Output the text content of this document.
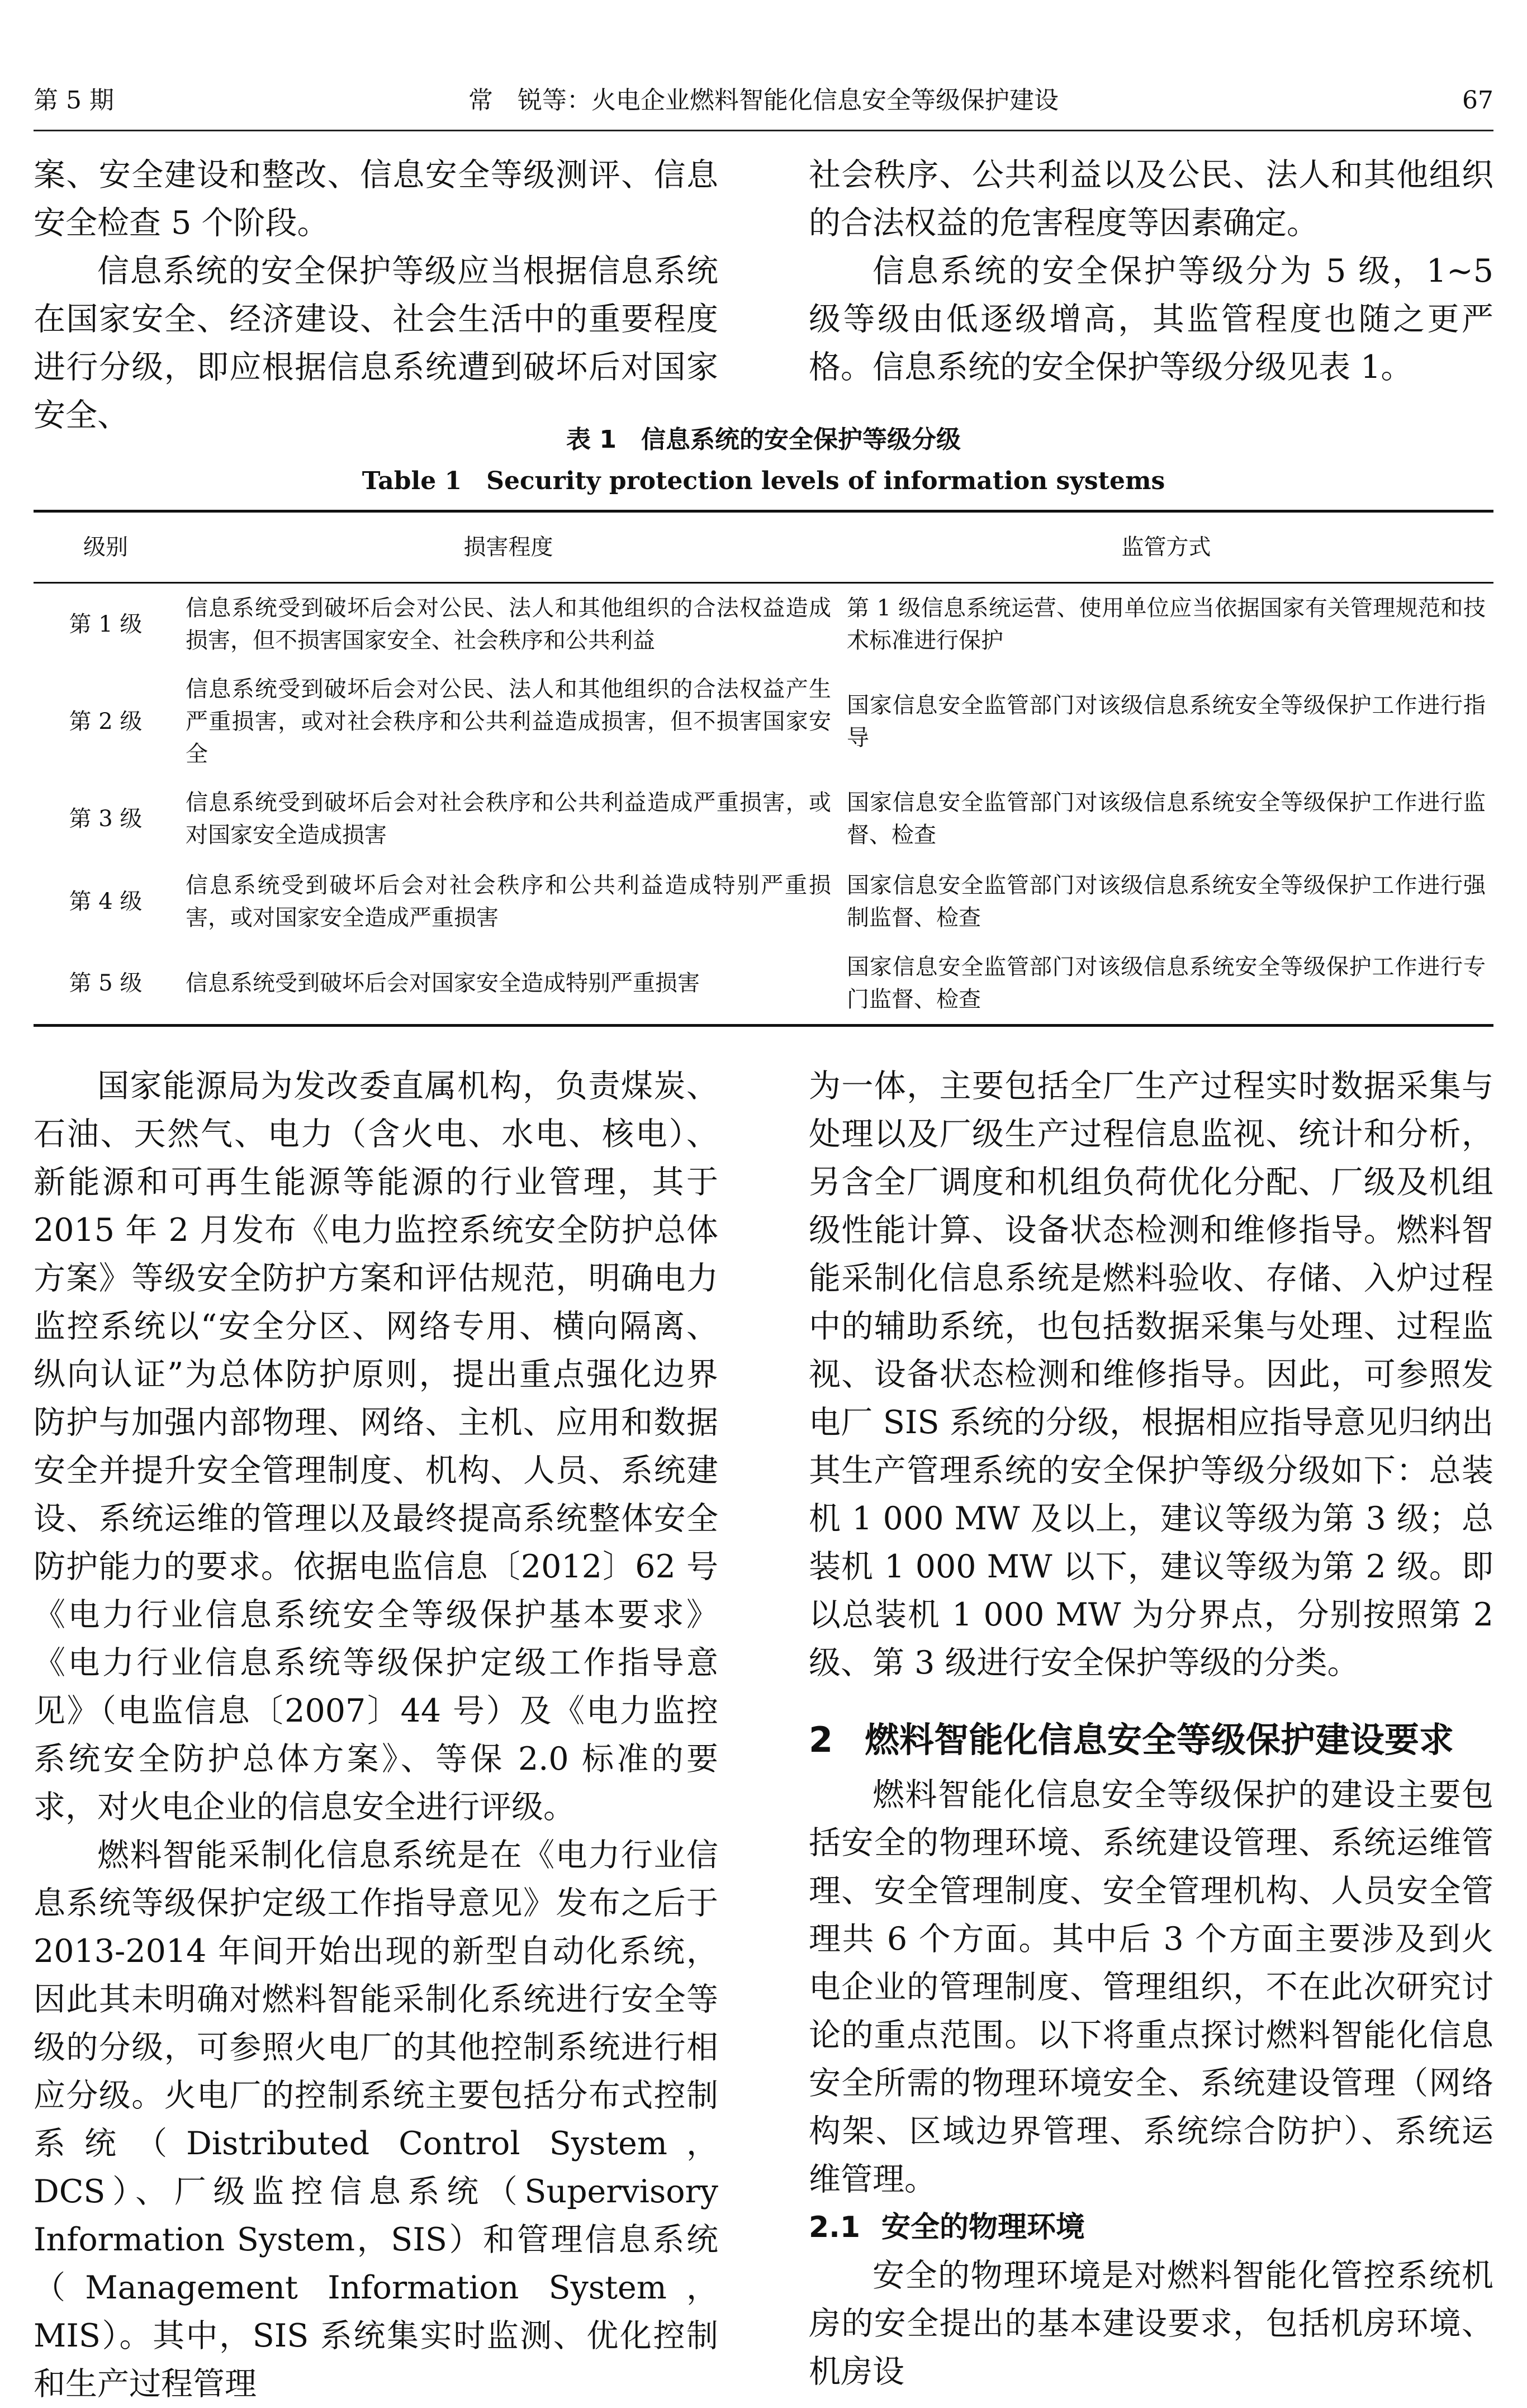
第 5 期	常　锐等：火电企业燃料智能化信息安全等级保护建设	67

案、安全建设和整改、信息安全等级测评、信息安全检查 5 个阶段。

信息系统的安全保护等级应当根据信息系统在国家安全、经济建设、社会生活中的重要程度进行分级，即应根据信息系统遭到破坏后对国家安全、

社会秩序、公共利益以及公民、法人和其他组织的合法权益的危害程度等因素确定。

信息系统的安全保护等级分为 5 级，1~5 级等级由低逐级增高，其监管程度也随之更严格。信息系统的安全保护等级分级见表 1。

表 1　信息系统的安全保护等级分级
Table 1　Security protection levels of information systems
级别	损害程度	监管方式
第 1 级	信息系统受到破坏后会对公民、法人和其他组织的合法权益造成损害，但不损害国家安全、社会秩序和公共利益	第 1 级信息系统运营、使用单位应当依据国家有关管理规范和技术标准进行保护
第 2 级	信息系统受到破坏后会对公民、法人和其他组织的合法权益产生严重损害，或对社会秩序和公共利益造成损害，但不损害国家安全	国家信息安全监管部门对该级信息系统安全等级保护工作进行指导
第 3 级	信息系统受到破坏后会对社会秩序和公共利益造成严重损害，或对国家安全造成损害	国家信息安全监管部门对该级信息系统安全等级保护工作进行监督、检查
第 4 级	信息系统受到破坏后会对社会秩序和公共利益造成特别严重损害，或对国家安全造成严重损害	国家信息安全监管部门对该级信息系统安全等级保护工作进行强制监督、检查
第 5 级	信息系统受到破坏后会对国家安全造成特别严重损害	国家信息安全监管部门对该级信息系统安全等级保护工作进行专门监督、检查

国家能源局为发改委直属机构，负责煤炭、石油、天然气、电力（含火电、水电、核电）、新能源和可再生能源等能源的行业管理，其于 2015 年 2 月发布《电力监控系统安全防护总体方案》等级安全防护方案和评估规范，明确电力监控系统以“安全分区、网络专用、横向隔离、纵向认证”为总体防护原则，提出重点强化边界防护与加强内部物理、网络、主机、应用和数据安全并提升安全管理制度、机构、人员、系统建设、系统运维的管理以及最终提高系统整体安全防护能力的要求。依据电监信息〔2012〕62 号《电力行业信息系统安全等级保护基本要求》《电力行业信息系统等级保护定级工作指导意见》（电监信息〔2007〕44 号）及《电力监控系统安全防护总体方案》、等保 2.0 标准的要求，对火电企业的信息安全进行评级。

燃料智能采制化信息系统是在《电力行业信息系统等级保护定级工作指导意见》发布之后于 2013-2014 年间开始出现的新型自动化系统，因此其未明确对燃料智能采制化系统进行安全等级的分级，可参照火电厂的其他控制系统进行相应分级。火电厂的控制系统主要包括分布式控制系统（Distributed Control System，DCS）、厂级监控信息系统（Supervisory Information System，SIS）和管理信息系统（Management Information System，MIS）。其中，SIS 系统集实时监测、优化控制和生产过程管理

为一体，主要包括全厂生产过程实时数据采集与处理以及厂级生产过程信息监视、统计和分析，另含全厂调度和机组负荷优化分配、厂级及机组级性能计算、设备状态检测和维修指导。燃料智能采制化信息系统是燃料验收、存储、入炉过程中的辅助系统，也包括数据采集与处理、过程监视、设备状态检测和维修指导。因此，可参照发电厂 SIS 系统的分级，根据相应指导意见归纳出其生产管理系统的安全保护等级分级如下：总装机 1 000 MW 及以上，建议等级为第 3 级；总装机 1 000 MW 以下，建议等级为第 2 级。即以总装机 1 000 MW 为分界点，分别按照第 2 级、第 3 级进行安全保护等级的分类。

2 燃料智能化信息安全等级保护建设要求

燃料智能化信息安全等级保护的建设主要包括安全的物理环境、系统建设管理、系统运维管理、安全管理制度、安全管理机构、人员安全管理共 6 个方面。其中后 3 个方面主要涉及到火电企业的管理制度、管理组织，不在此次研究讨论的重点范围。以下将重点探讨燃料智能化信息安全所需的物理环境安全、系统建设管理（网络构架、区域边界管理、系统综合防护）、系统运维管理。

2.1 安全的物理环境

安全的物理环境是对燃料智能化管控系统机房的安全提出的基本建设要求，包括机房环境、机房设
